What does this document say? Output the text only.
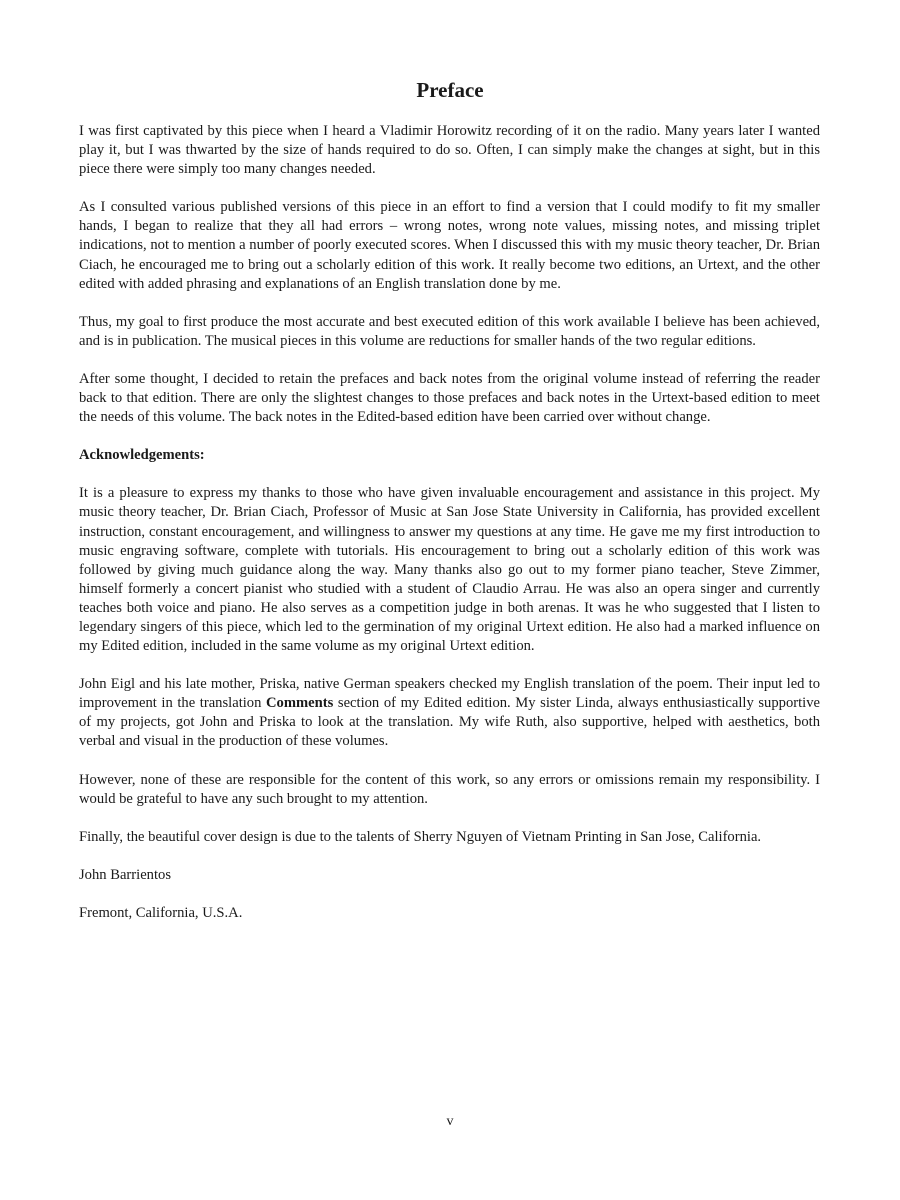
Preface

I was first captivated by this piece when I heard a Vladimir Horowitz recording of it on the radio. Many years later I wanted play it, but I was thwarted by the size of hands required to do so. Often, I can simply make the changes at sight, but in this piece there were simply too many changes needed.

As I consulted various published versions of this piece in an effort to find a version that I could modify to fit my smaller hands, I began to realize that they all had errors – wrong notes, wrong note values, missing notes, and missing triplet indications, not to mention a number of poorly executed scores. When I discussed this with my music theory teacher, Dr. Brian Ciach, he encouraged me to bring out a scholarly edition of this work. It really become two editions, an Urtext, and the other edited with added phrasing and explanations of an English translation done by me.

Thus, my goal to first produce the most accurate and best executed edition of this work available I believe has been achieved, and is in publication. The musical pieces in this volume are reductions for smaller hands of the two regular editions.

After some thought, I decided to retain the prefaces and back notes from the original volume instead of referring the reader back to that edition. There are only the slightest changes to those prefaces and back notes in the Urtext-based edition to meet the needs of this volume. The back notes in the Edited-based edition have been carried over without change.

Acknowledgements:

It is a pleasure to express my thanks to those who have given invaluable encouragement and assistance in this project. My music theory teacher, Dr. Brian Ciach, Professor of Music at San Jose State University in California, has provided excellent instruction, constant encouragement, and willingness to answer my questions at any time. He gave me my first introduction to music engraving software, complete with tutorials. His encouragement to bring out a scholarly edition of this work was followed by giving much guidance along the way. Many thanks also go out to my former piano teacher, Steve Zimmer, himself formerly a concert pianist who studied with a student of Claudio Arrau. He was also an opera singer and currently teaches both voice and piano. He also serves as a competition judge in both arenas. It was he who suggested that I listen to legendary singers of this piece, which led to the germination of my original Urtext edition. He also had a marked influence on my Edited edition, included in the same volume as my original Urtext edition.

John Eigl and his late mother, Priska, native German speakers checked my English translation of the poem. Their input led to improvement in the translation Comments section of my Edited edition. My sister Linda, always enthusiastically supportive of my projects, got John and Priska to look at the translation. My wife Ruth, also supportive, helped with aesthetics, both verbal and visual in the production of these volumes.

However, none of these are responsible for the content of this work, so any errors or omissions remain my responsibility. I would be grateful to have any such brought to my attention.

Finally, the beautiful cover design is due to the talents of Sherry Nguyen of Vietnam Printing in San Jose, California.

John Barrientos

Fremont, California, U.S.A.

v
